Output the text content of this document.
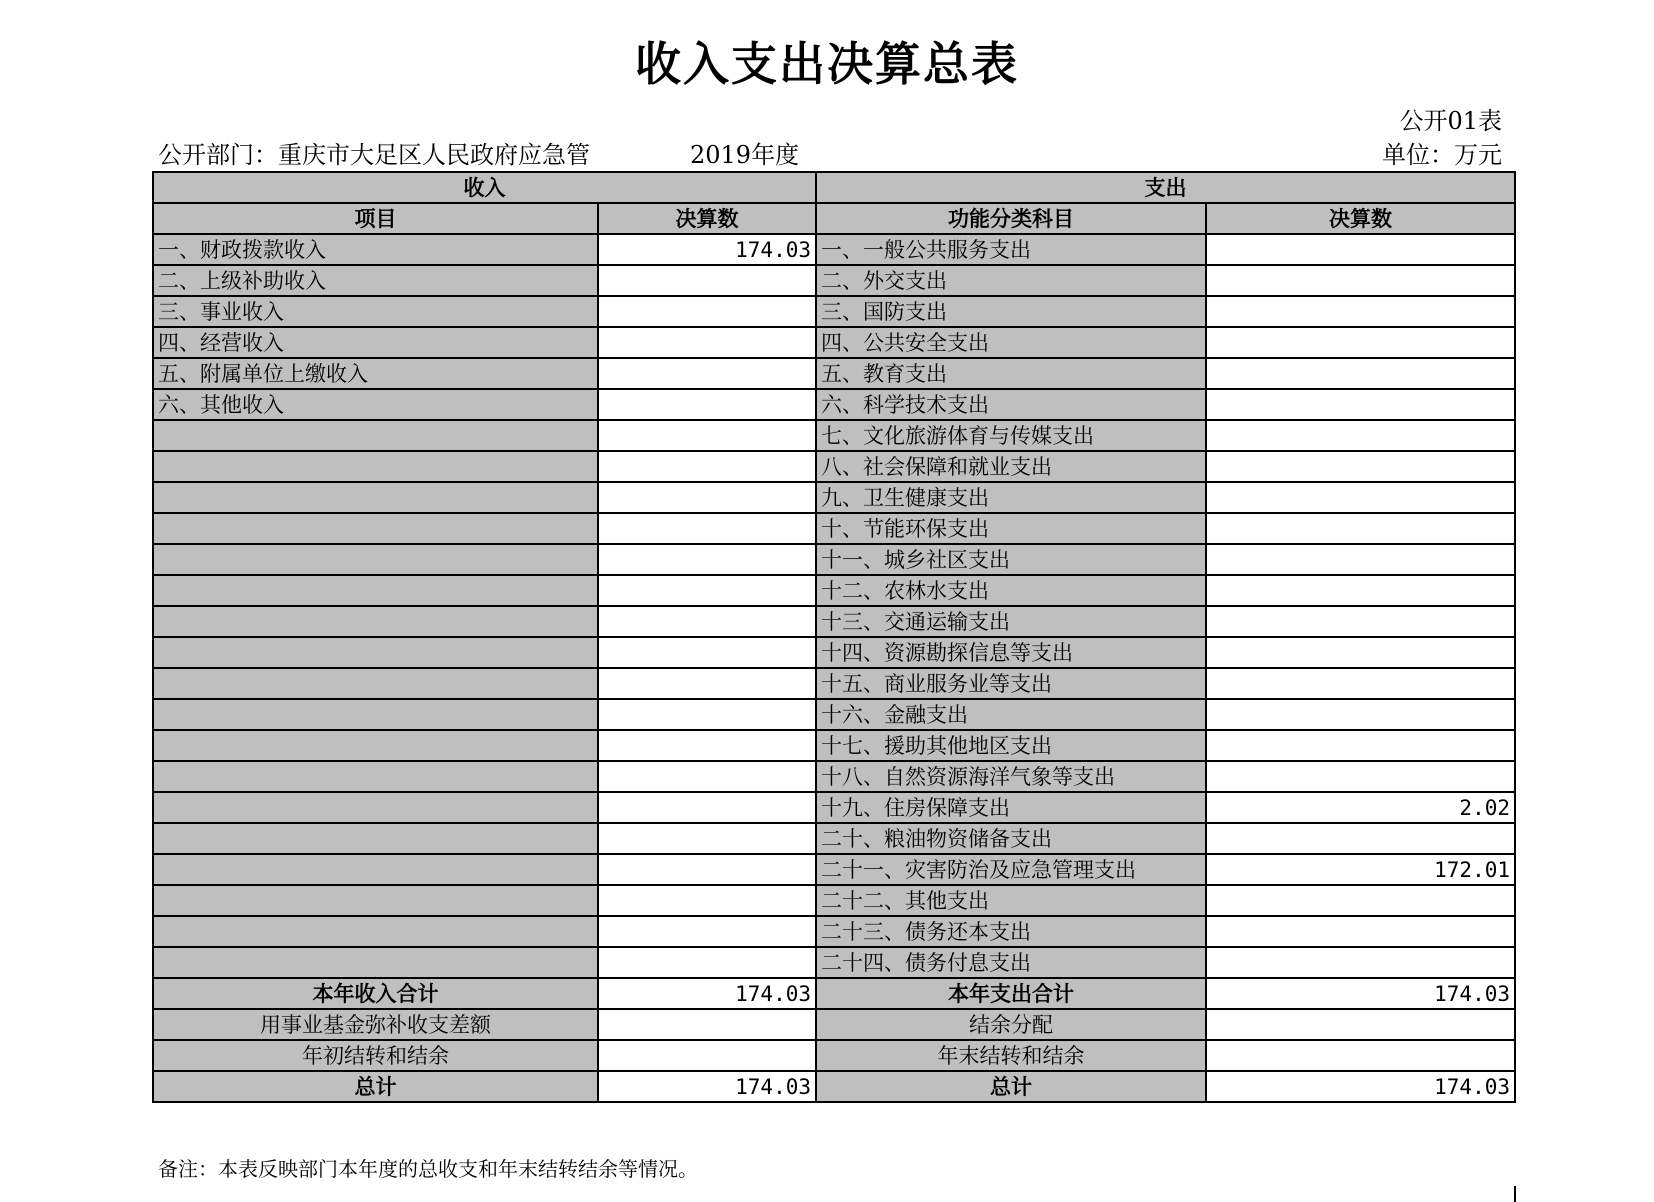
收入支出决算总表
公开01表
公开部门：重庆市大足区人民政府应急管	2019年度	单位：万元
收入		支出	
项目	决算数	功能分类科目	决算数
一、财政拨款收入	174.03	一、一般公共服务支出	
二、上级补助收入		二、外交支出	
三、事业收入		三、国防支出	
四、经营收入		四、公共安全支出	
五、附属单位上缴收入		五、教育支出	
六、其他收入		六、科学技术支出	
		七、文化旅游体育与传媒支出	
		八、社会保障和就业支出	
		九、卫生健康支出	
		十、节能环保支出	
		十一、城乡社区支出	
		十二、农林水支出	
		十三、交通运输支出	
		十四、资源勘探信息等支出	
		十五、商业服务业等支出	
		十六、金融支出	
		十七、援助其他地区支出	
		十八、自然资源海洋气象等支出	
		十九、住房保障支出	2.02
		二十、粮油物资储备支出	
		二十一、灾害防治及应急管理支出	172.01
		二十二、其他支出	
		二十三、债务还本支出	
		二十四、债务付息支出	
本年收入合计	174.03	本年支出合计	174.03
用事业基金弥补收支差额		结余分配	
年初结转和结余		年末结转和结余	
总计	174.03	总计	174.03
备注：本表反映部门本年度的总收支和年末结转结余等情况。
